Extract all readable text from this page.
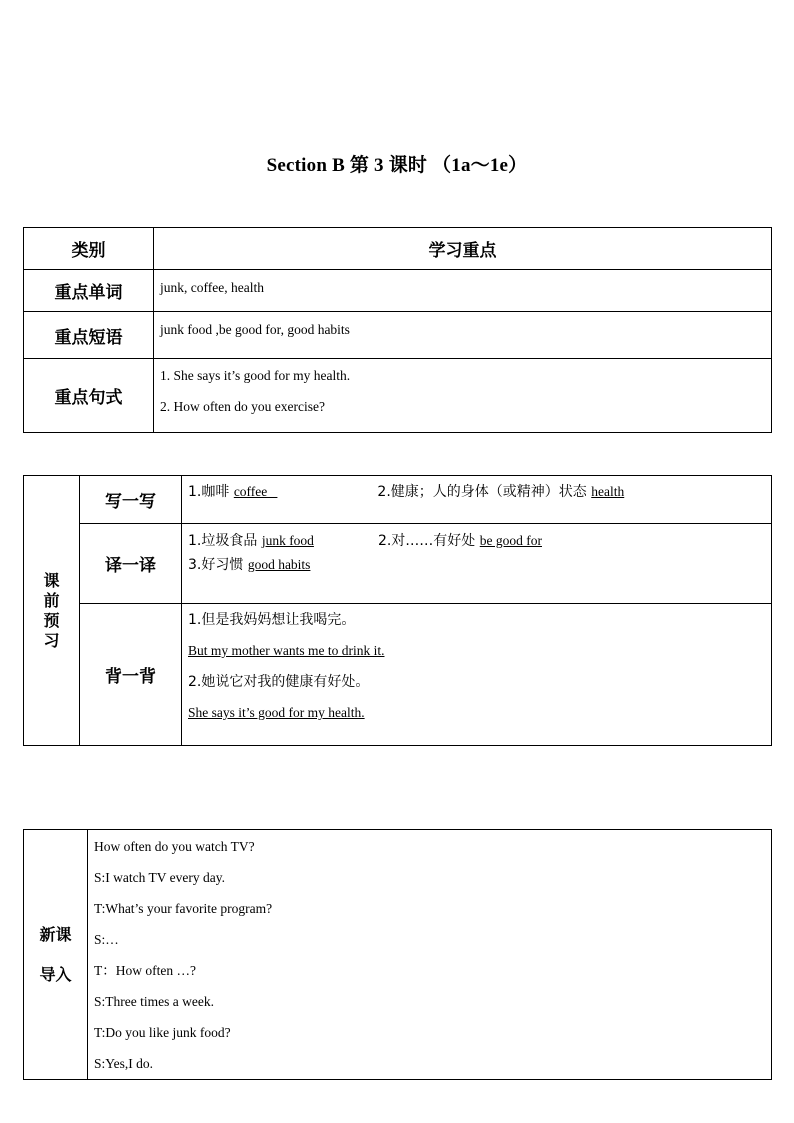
Section B 第 3 课时 （1a～1e）
类别	学习重点
重点单词	junk, coffee, health
重点短语	junk food ,be good for, good habits
重点句式	1. She says it’s good for my health.
2. How often do you exercise?
课
前
预
习	写一写	1.咖啡 coffee 2.健康；人的身体（或精神）状态 health
	译一译	1.垃圾食品 junk food 2.对……有好处 be good for
3.好习惯 good habits

	背一背	1.但是我妈妈想让我喝完。
But my mother wants me to drink it.
2.她说它对我的健康有好处。
She says it’s good for my health.
新课
导入

How often do you watch TV?
S:I watch TV every day.
T:What’s your favorite program?
S:…
T：How often …?
S:Three times a week.
T:Do you like junk food?
S:Yes,I do.
